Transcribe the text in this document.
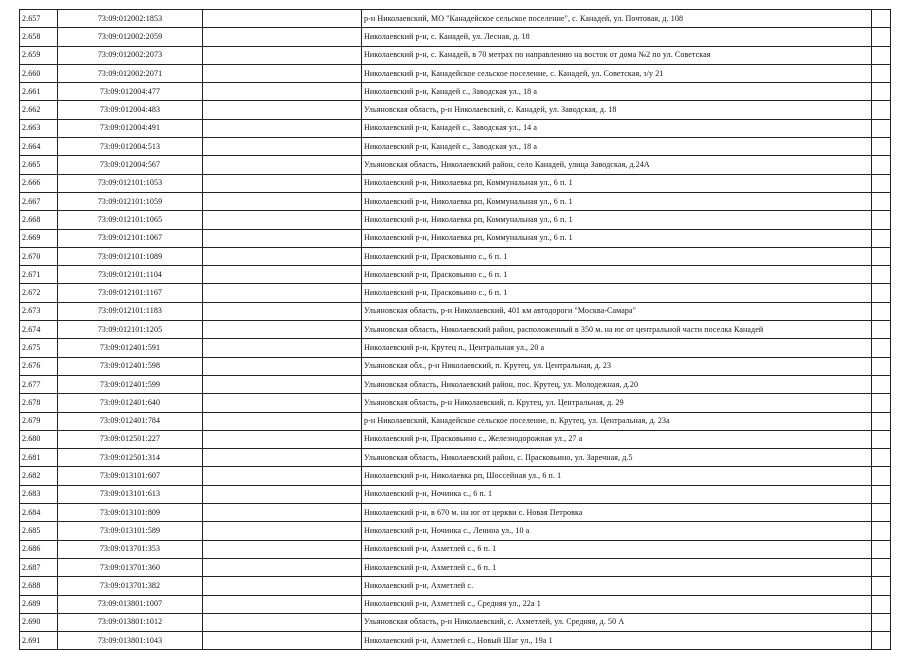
2.657	73:09:012002:1853		р-н Николаевский, МО "Канадейское сельское поселение", с. Канадей, ул. Почтовая, д. 108	
2.658	73:09:012002:2059		Николаевский р-н, с. Канадей, ул. Лесная, д. 18	
2.659	73:09:012002:2073		Николаевский р-н, с. Канадей, в 70 метрах по направлению на восток от дома №2 по ул. Советская	
2.660	73:09:012002:2071		Николаевский р-н, Канадейское сельское поселение, с. Канадей, ул. Советская, з/у 21	
2.661	73:09:012004:477		Николаевский р-н, Канадей с., Заводская ул., 18 а	
2.662	73:09:012004:483		Ульяновская область, р-н Николаевский, с. Канадей, ул. Заводская, д. 18	
2.663	73:09:012004:491		Николаевский р-н, Канадей с., Заводская ул., 14 а	
2.664	73:09:012004:513		Николаевский р-н, Канадей с., Заводская ул., 18 а	
2.665	73:09:012004:567		Ульяновская область, Николаевский район, село Канадей, улица Заводская, д.24А	
2.666	73:09:012101:1053		Николаевский р-н, Николаевка рп, Коммунальная ул., 6 п. 1	
2.667	73:09:012101:1059		Николаевский р-н, Николаевка рп, Коммунальная ул., 6 п. 1	
2.668	73:09:012101:1065		Николаевский р-н, Николаевка рп, Коммунальная ул., 6 п. 1	
2.669	73:09:012101:1067		Николаевский р-н, Николаевка рп, Коммунальная ул., 6 п. 1	
2.670	73:09:012101:1089		Николаевский р-н, Прасковьино с., 6 п. 1	
2.671	73:09:012101:1104		Николаевский р-н, Прасковьино с., 6 п. 1	
2.672	73:09:012101:1167		Николаевский р-н, Прасковьино с., 6 п. 1	
2.673	73:09:012101:1183		Ульяновская область, р-н Николаевский, 401 км автодороги "Москва-Самара"	
2.674	73:09:012101:1205		Ульяновская область, Николаевский район, расположенный в 350 м. на юг от центральной части поселка Канадей	
2.675	73:09:012401:591		Николаевский р-н, Крутец п., Центральная ул., 20 а	
2.676	73:09:012401:598		Ульяновская обл., р-н Николаевский, п. Крутец, ул. Центральная, д. 23	
2.677	73:09:012401:599		Ульяновская область, Николаевский район, пос. Крутец, ул. Молодежная, д.20	
2.678	73:09:012401:640		Ульяновская область, р-н Николаевский, п. Крутец, ул. Центральная, д. 29	
2.679	73:09:012401:784		р-н Николаевский, Канадейское сельское поселение, п. Крутец, ул. Центральная, д. 23а	
2.680	73:09:012501:227		Николаевский р-н, Прасковьино с., Железнодорожная ул., 27 а	
2.681	73:09:012501:314		Ульяновская область, Николаевский район, с. Прасковьино, ул. Заречная, д.5	
2.682	73:09:013101:607		Николаевский р-н, Николаевка рп, Шоссейная ул., 6 п. 1	
2.683	73:09:013101:613		Николаевский р-н, Ночинка с., 6 п. 1	
2.684	73:09:013101:809		Николаевский р-н, в 670 м. на юг от церкви с. Новая Петровка	
2.685	73:09:013101:589		Николаевский р-н, Ночинка с., Ленина ул., 10 а	
2.686	73:09:013701:353		Николаевский р-н, Ахметлей с., 6 п. 1	
2.687	73:09:013701:360		Николаевский р-н, Ахметлей с., 6 п. 1	
2.688	73:09:013701:382		Николаевский р-н, Ахметлей с.	
2.689	73:09:013801:1007		Николаевский р-н, Ахметлей с., Средняя ул., 22а 1	
2.690	73:09:013801:1012		Ульяновская область, р-н Николаевский, с. Ахметлей, ул. Средняя, д. 50 А	
2.691	73:09:013801:1043		Николаевский р-н, Ахметлей с., Новый Шаг ул., 19а 1	
